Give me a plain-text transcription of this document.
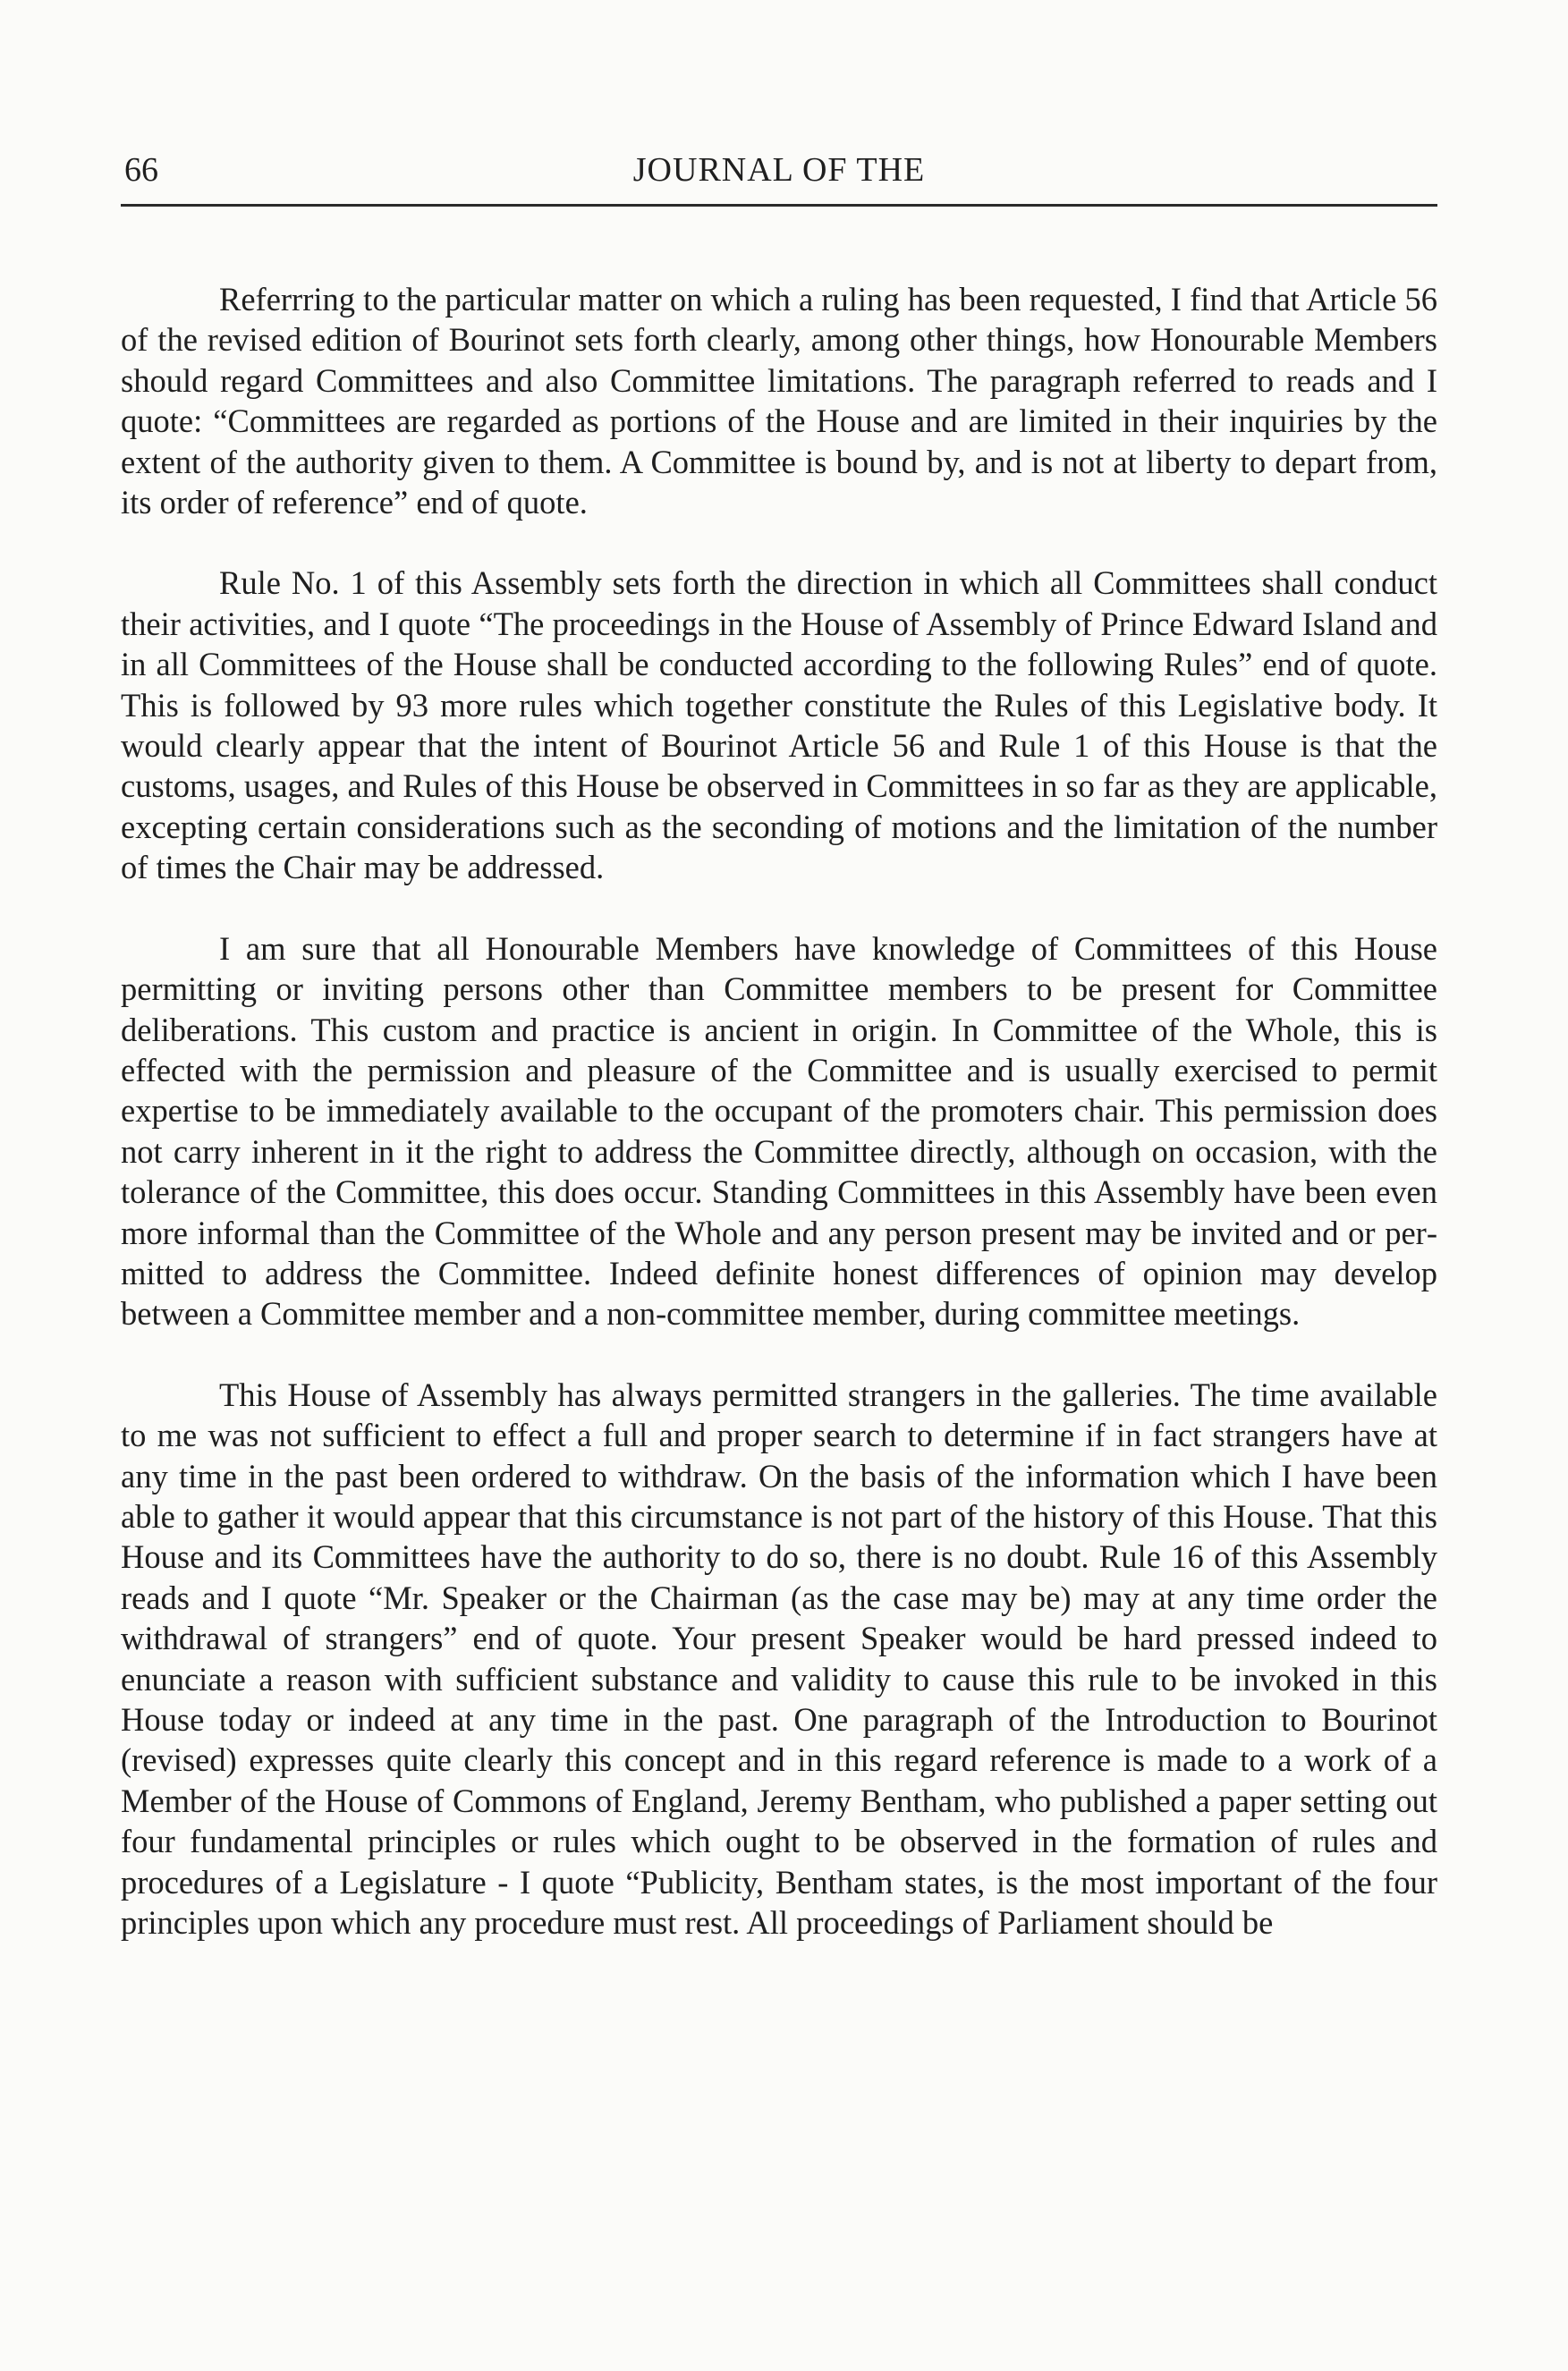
66	JOURNAL OF THE

Referrring to the particular matter on which a ruling has been requested, I find that Article 56 of the revised edition of Bourinot sets forth clearly, among other things, how Honourable Members should regard Committees and also Committee limitations. The paragraph referred to reads and I quote: “Committees are regarded as portions of the House and are limited in their inquiries by the extent of the authority given to them. A Committee is bound by, and is not at liberty to depart from, its order of reference” end of quote.

Rule No. 1 of this Assembly sets forth the direction in which all Committees shall conduct their activities, and I quote “The proceedings in the House of Assembly of Prince Edward Island and in all Committees of the House shall be conducted according to the following Rules” end of quote. This is followed by 93 more rules which together constitute the Rules of this Legislative body. It would clearly appear that the intent of Bourinot Article 56 and Rule 1 of this House is that the customs, usages, and Rules of this House be observed in Committees in so far as they are applicable, excepting certain considerations such as the seconding of motions and the limitation of the number of times the Chair may be addressed.

I am sure that all Honourable Members have knowledge of Committees of this House permitting or inviting persons other than Committee members to be present for Committee deliberations. This custom and practice is ancient in origin. In Committee of the Whole, this is effected with the permission and pleasure of the Committee and is usually exercised to permit expertise to be immediately available to the occupant of the promoters chair. This permission does not carry inherent in it the right to address the Committee directly, although on occasion, with the tolerance of the Committee, this does occur. Standing Committees in this Assembly have been even more informal than the Committee of the Whole and any person present may be invited and or permitted to address the Committee. Indeed definite honest differences of opinion may develop between a Committee member and a non-committee member, during committee meetings.

This House of Assembly has always permitted strangers in the galleries. The time available to me was not sufficient to effect a full and proper search to determine if in fact strangers have at any time in the past been ordered to withdraw. On the basis of the information which I have been able to gather it would appear that this circumstance is not part of the history of this House. That this House and its Committees have the authority to do so, there is no doubt. Rule 16 of this Assembly reads and I quote “Mr. Speaker or the Chairman (as the case may be) may at any time order the withdrawal of strangers” end of quote. Your present Speaker would be hard pressed indeed to enunciate a reason with sufficient substance and validity to cause this rule to be invoked in this House today or indeed at any time in the past. One paragraph of the Introduction to Bourinot (revised) expresses quite clearly this concept and in this regard reference is made to a work of a Member of the House of Commons of England, Jeremy Bentham, who published a paper setting out four fundamental principles or rules which ought to be observed in the formation of rules and procedures of a Legislature - I quote “Publicity, Bentham states, is the most important of the four principles upon which any procedure must rest. All proceedings of Parliament should be
